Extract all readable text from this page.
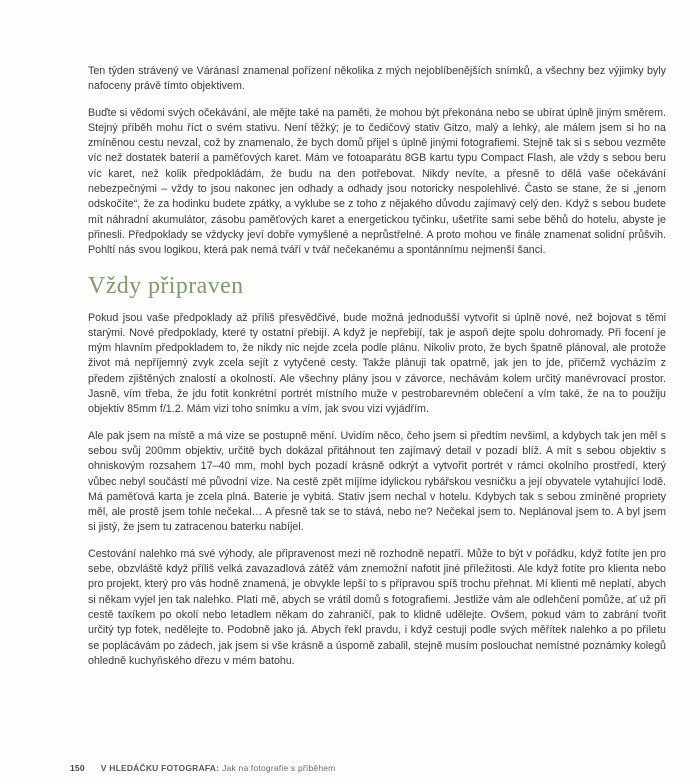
Ten týden strávený ve Váránasí znamenal pořízení několika z mých nejoblíbenějších snímků, a všechny bez výjimky byly nafoceny právě tímto objektivem.

Buďte si vědomi svých očekávání, ale mějte také na paměti, že mohou být překonána nebo se ubírat úplně jiným směrem. Stejný příběh mohu říct o svém stativu. Není těžký; je to čedičový stativ Gitzo, malý a lehký, ale málem jsem si ho na zmíněnou cestu nevzal, což by znamenalo, že bych domů přijel s úplně jinými fotografiemi. Stejně tak si s sebou vezměte víc než dostatek baterií a paměťových karet. Mám ve fotoaparátu 8GB kartu typu Compact Flash, ale vždy s sebou beru víc karet, než kolik předpokládám, že budu na den potřebovat. Nikdy nevíte, a přesně to dělá vaše očekávání nebezpečnými – vždy to jsou nakonec jen odhady a odhady jsou notoricky nespolehlivé. Často se stane, že si „jenom odskočíte“, že za hodinku budete zpátky, a vyklube se z toho z nějakého důvodu zajímavý celý den. Když s sebou budete mít náhradní akumulátor, zásobu paměťových karet a energetickou tyčinku, ušetříte sami sebe běhů do hotelu, abyste je přinesli. Předpoklady se vždycky jeví dobře vymyšlené a neprůstřelné. A proto mohou ve finále znamenat solidní průšvih. Pohltí nás svou logikou, která pak nemá tváří v tvář nečekanému a spontánnímu nejmenší šanci.

Vždy připraven

Pokud jsou vaše předpoklady až příliš přesvědčivé, bude možná jednodušší vytvořit si úplně nové, než bojovat s těmi starými. Nové předpoklady, které ty ostatní přebijí. A když je nepřebijí, tak je aspoň dejte spolu dohromady. Při focení je mým hlavním předpokladem to, že nikdy nic nejde zcela podle plánu. Nikoliv proto, že bych špatně plánoval, ale protože život má nepříjemný zvyk zcela sejít z vytyčené cesty. Takže plánuji tak opatrně, jak jen to jde, přičemž vycházím z předem zjištěných znalostí a okolností. Ale všechny plány jsou v závorce, nechávám kolem určitý manévrovací prostor. Jasně, vím třeba, že jdu fotit konkrétní portrét místního muže v pestrobarevném oblečení a vím také, že na to použiju objektiv 85mm f/1.2. Mám vizi toho snímku a vím, jak svou vizi vyjádřím.

Ale pak jsem na místě a má vize se postupně mění. Uvidím něco, čeho jsem si předtím nevšiml, a kdybych tak jen měl s sebou svůj 200mm objektiv, určitě bych dokázal přitáhnout ten zajímavý detail v pozadí blíž. A mít s sebou objektiv s ohniskovým rozsahem 17–40 mm, mohl bych pozadí krásně odkrýt a vytvořit portrét v rámci okolního prostředí, který vůbec nebyl součástí mé původní vize. Na cestě zpět míjíme idylickou rybářskou vesničku a její obyvatele vytahující lodě. Má paměťová karta je zcela plná. Baterie je vybitá. Stativ jsem nechal v hotelu. Kdybych tak s sebou zmíněné propriety měl, ale prostě jsem tohle nečekal… A přesně tak se to stává, nebo ne? Nečekal jsem to. Neplánoval jsem to. A byl jsem si jistý, že jsem tu zatracenou baterku nabíjel.

Cestování nalehko má své výhody, ale připravenost mezi ně rozhodně nepatří. Může to být v pořádku, když fotíte jen pro sebe, obzvláště když příliš velká zavazadlová zátěž vám znemožní nafotit jiné příležitosti. Ale když fotíte pro klienta nebo pro projekt, který pro vás hodně znamená, je obvykle lepší to s přípravou spíš trochu přehnat. Mí klienti mě neplatí, abych si někam vyjel jen tak nalehko. Platí mě, abych se vrátil domů s fotografiemi. Jestliže vám ale odlehčení pomůže, ať už při cestě taxíkem po okolí nebo letadlem někam do zahraničí, pak to klidně udělejte. Ovšem, pokud vám to zabrání tvořit určitý typ fotek, nedělejte to. Podobně jako já. Abych řekl pravdu, i když cestuji podle svých měřítek nalehko a po příletu se poplácávám po zádech, jak jsem si vše krásně a úsporně zabalil, stejně musím poslouchat nemístné poznámky kolegů ohledně kuchyňského dřezu v mém batohu.

150 V HLEDÁČKU FOTOGRAFA: Jak na fotografie s příběhem
